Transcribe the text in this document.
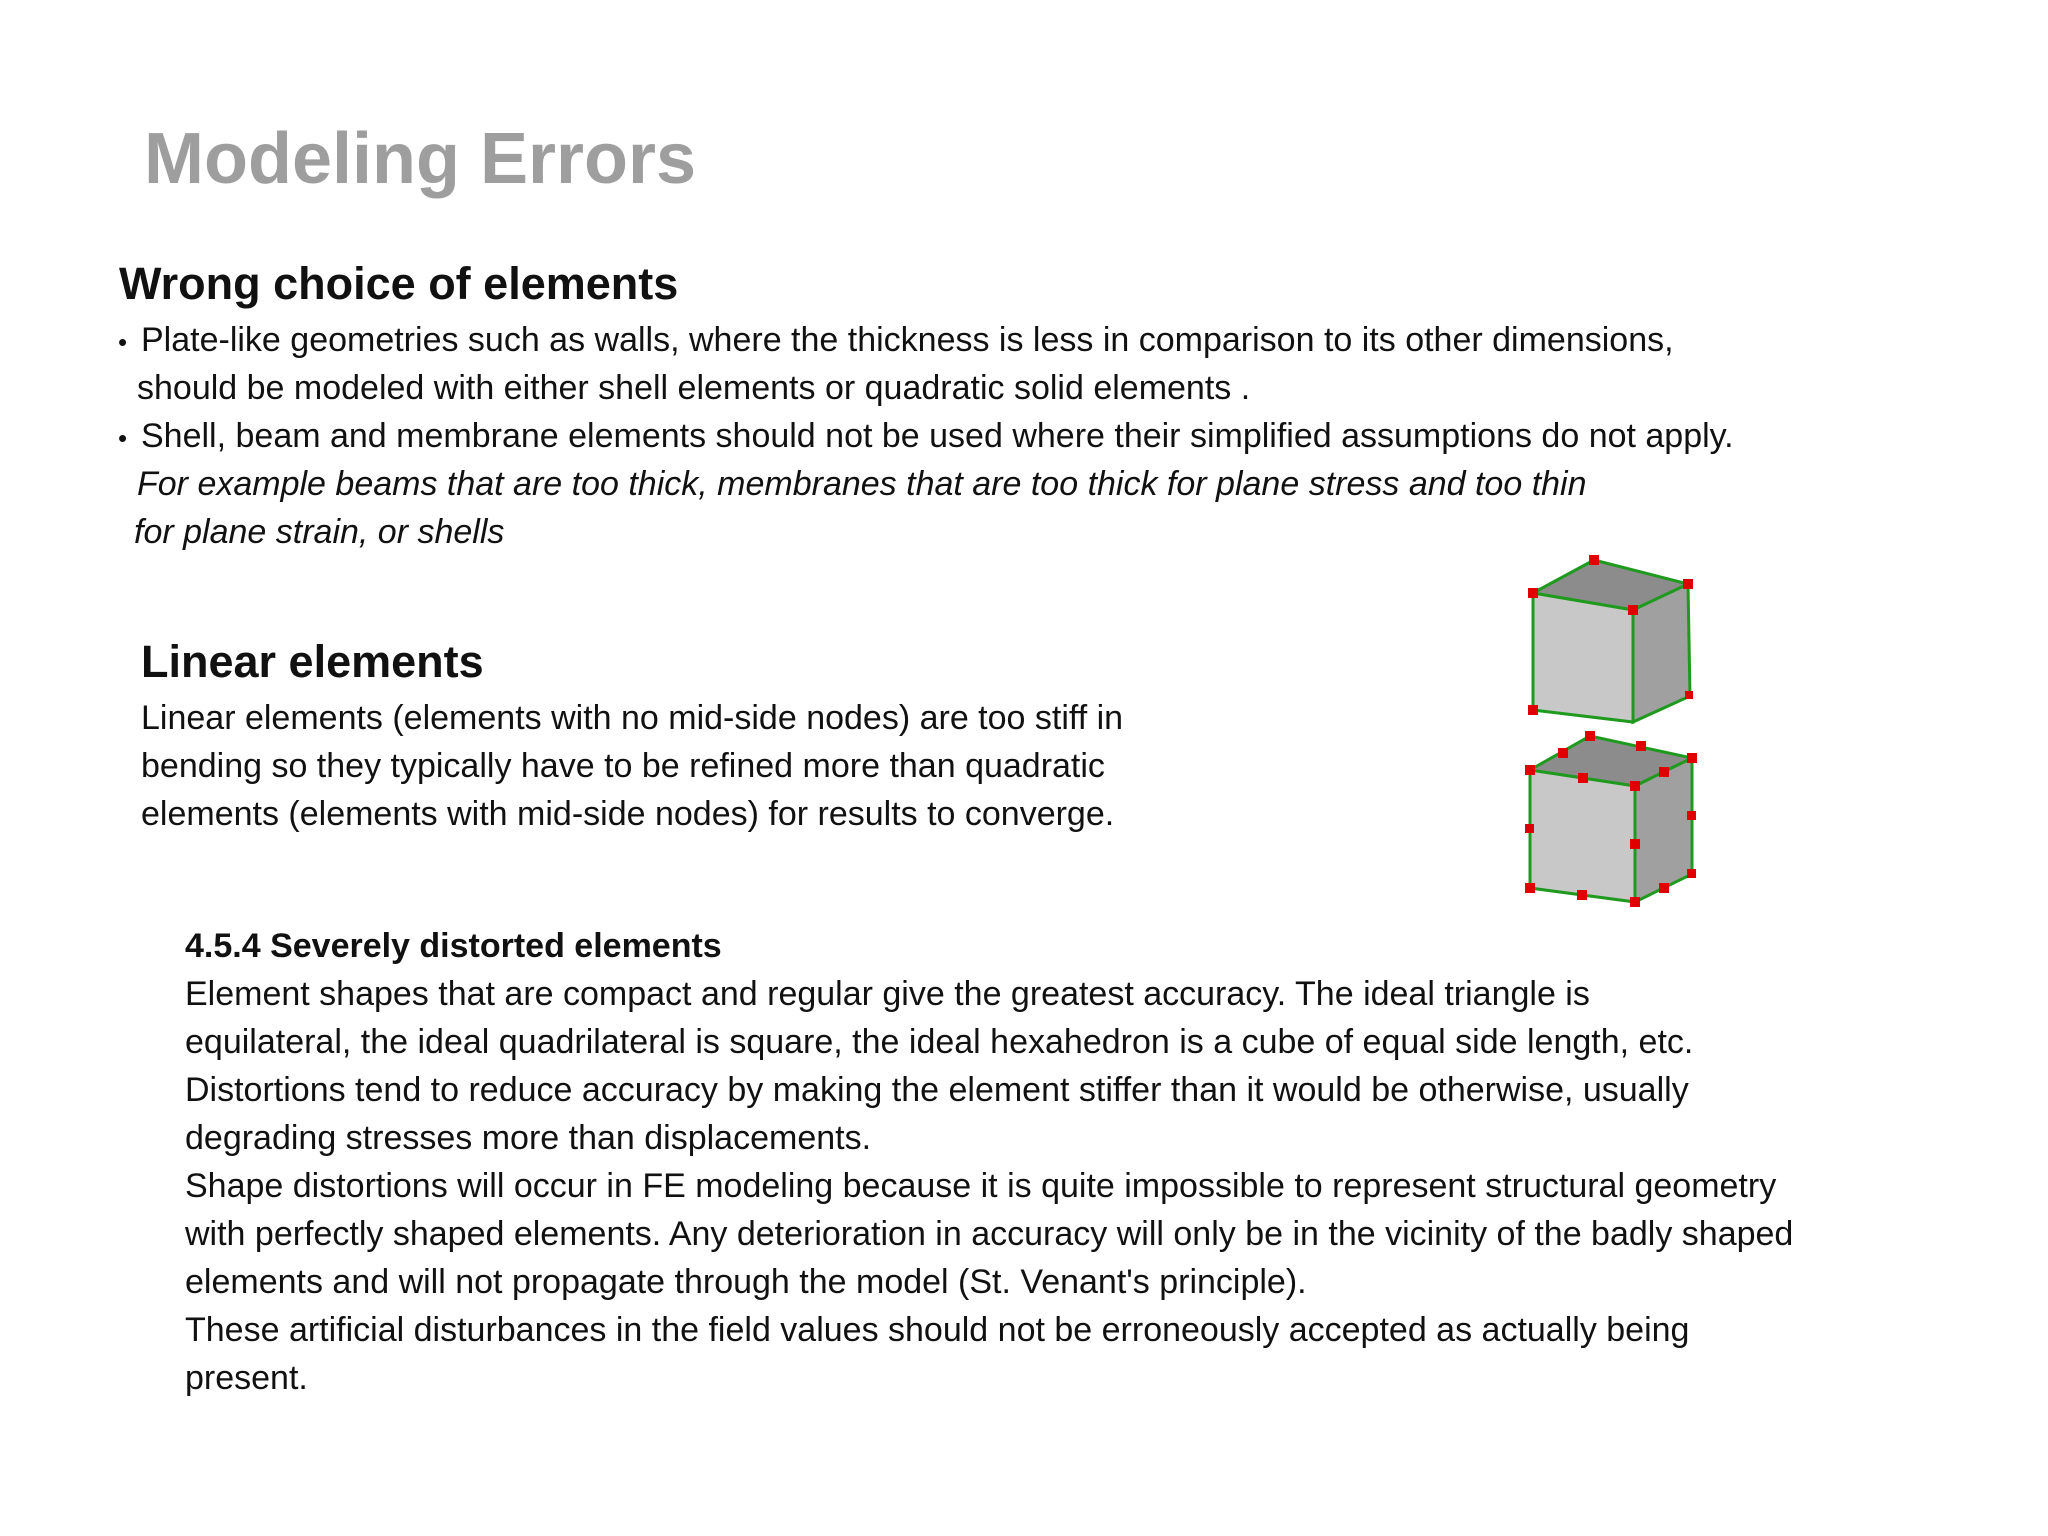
Modeling Errors
Wrong choice of elements
• Plate-like geometries such as walls, where the thickness is less in comparison to its other dimensions,
should be modeled with either shell elements or quadratic solid elements .
• Shell, beam and membrane elements should not be used where their simplified assumptions do not apply.
For example beams that are too thick, membranes that are too thick for plane stress and too thin
for plane strain, or shells
Linear elements
Linear elements (elements with no mid-side nodes) are too stiff in
bending so they typically have to be refined more than quadratic
elements (elements with mid-side nodes) for results to converge.
4.5.4 Severely distorted elements
Element shapes that are compact and regular give the greatest accuracy. The ideal triangle is
equilateral, the ideal quadrilateral is square, the ideal hexahedron is a cube of equal side length, etc.
Distortions tend to reduce accuracy by making the element stiffer than it would be otherwise, usually
degrading stresses more than displacements.
Shape distortions will occur in FE modeling because it is quite impossible to represent structural geometry
with perfectly shaped elements. Any deterioration in accuracy will only be in the vicinity of the badly shaped
elements and will not propagate through the model (St. Venant's principle).
These artificial disturbances in the field values should not be erroneously accepted as actually being
present.
